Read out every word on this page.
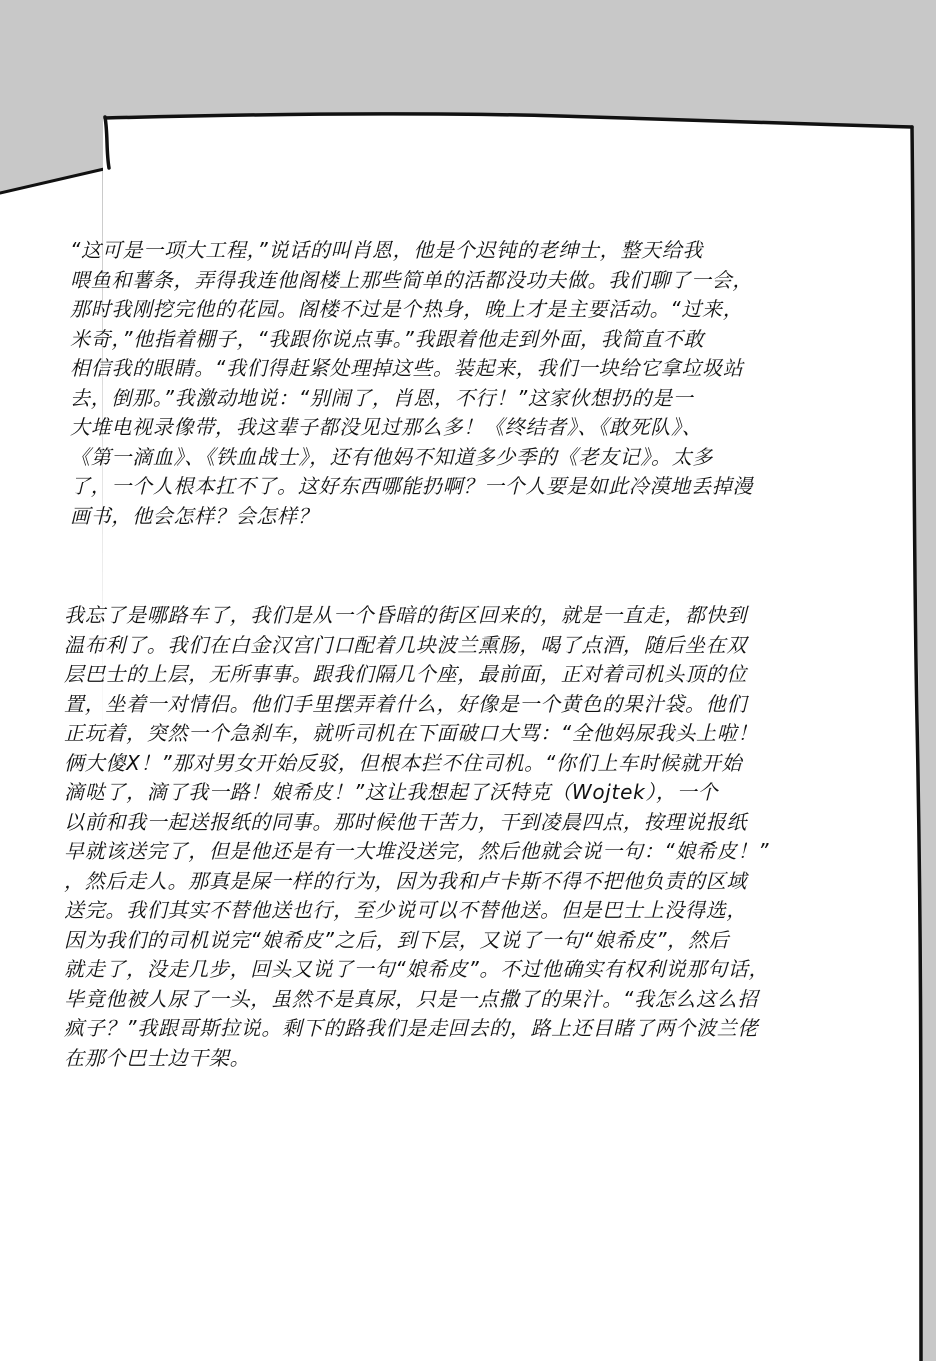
“这可是一项大工程，”说话的叫肖恩，他是个迟钝的老绅士，整天给我
喂鱼和薯条，弄得我连他阁楼上那些简单的活都没功夫做。我们聊了一会，
那时我刚挖完他的花园。阁楼不过是个热身，晚上才是主要活动。“过来，
米奇，”他指着棚子，“我跟你说点事。”我跟着他走到外面，我简直不敢
相信我的眼睛。“我们得赶紧处理掉这些。装起来，我们一块给它拿垃圾站
去，倒那。”我激动地说：“别闹了，肖恩，不行！”这家伙想扔的是一
大堆电视录像带，我这辈子都没见过那么多！《终结者》、《敢死队》、
《第一滴血》、《铁血战士》，还有他妈不知道多少季的《老友记》。太多
了，一个人根本扛不了。这好东西哪能扔啊？一个人要是如此冷漠地丢掉漫
画书，他会怎样？会怎样？

我忘了是哪路车了，我们是从一个昏暗的街区回来的，就是一直走，都快到
温布利了。我们在白金汉宫门口配着几块波兰熏肠，喝了点酒，随后坐在双
层巴士的上层，无所事事。跟我们隔几个座，最前面，正对着司机头顶的位
置，坐着一对情侣。他们手里摆弄着什么，好像是一个黄色的果汁袋。他们
正玩着，突然一个急刹车，就听司机在下面破口大骂：“全他妈尿我头上啦！
俩大傻X！”那对男女开始反驳，但根本拦不住司机。“你们上车时候就开始
滴哒了，滴了我一路！娘希皮！”这让我想起了沃特克（Wojtek），一个
以前和我一起送报纸的同事。那时候他干苦力，干到凌晨四点，按理说报纸
早就该送完了，但是他还是有一大堆没送完，然后他就会说一句：“娘希皮！”
，然后走人。那真是屎一样的行为，因为我和卢卡斯不得不把他负责的区域
送完。我们其实不替他送也行，至少说可以不替他送。但是巴士上没得选，
因为我们的司机说完“娘希皮”之后，到下层，又说了一句“娘希皮”，然后
就走了，没走几步，回头又说了一句“娘希皮”。不过他确实有权利说那句话，
毕竟他被人尿了一头，虽然不是真尿，只是一点撒了的果汁。“我怎么这么招
疯子？”我跟哥斯拉说。剩下的路我们是走回去的，路上还目睹了两个波兰佬
在那个巴士边干架。
